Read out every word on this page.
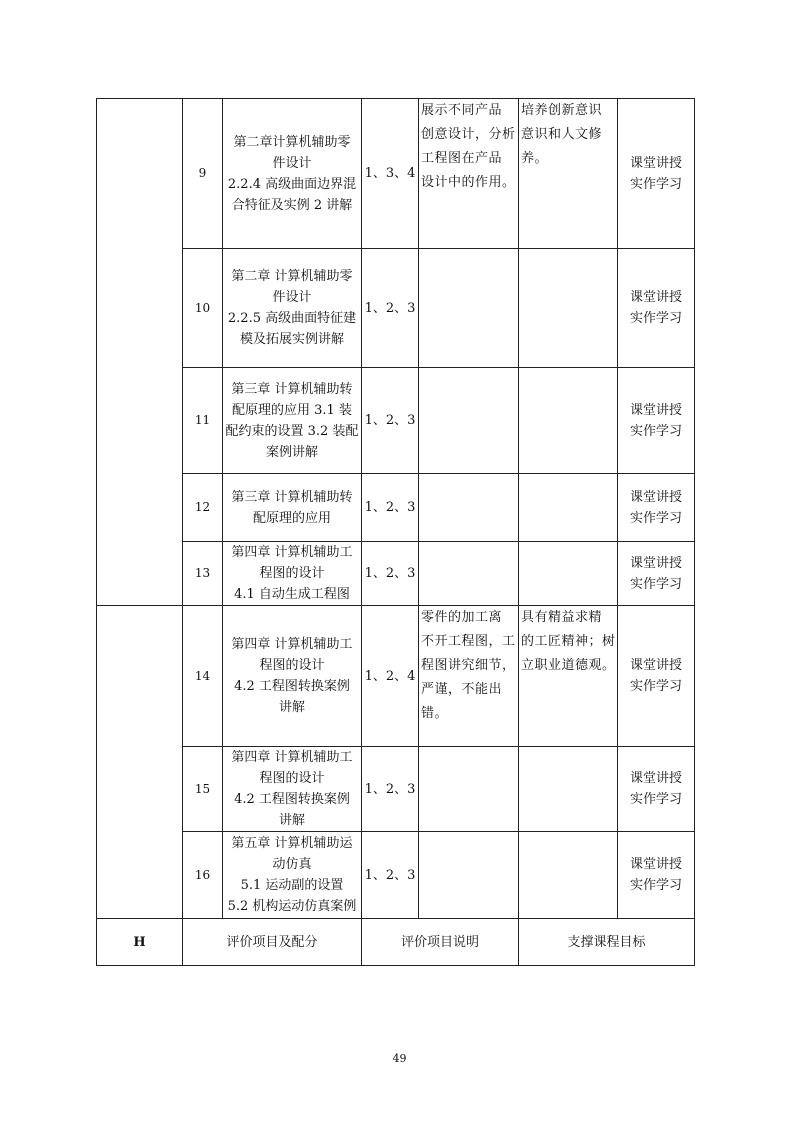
	9	第二章计算机辅助零
件设计
2.2.4 高级曲面边界混
合特征及实例 2 讲解	1、3、4	展示不同产品
创意设计，分析
工程图在产品
设计中的作用。	培养创新意识
意识和人文修
养。	课堂讲授
实作学习

	10	第二章 计算机辅助零
件设计
2.2.5 高级曲面特征建
模及拓展实例讲解	1、2、3			课堂讲授
实作学习

	11	第三章 计算机辅助转
配原理的应用 3.1 装
配约束的设置 3.2 装配
案例讲解	1、2、3			课堂讲授
实作学习

	12	第三章 计算机辅助转
配原理的应用	1、2、3			课堂讲授
实作学习

	13	第四章 计算机辅助工
程图的设计
4.1 自动生成工程图	1、2、3			课堂讲授
实作学习

	14	第四章 计算机辅助工
程图的设计
4.2 工程图转换案例
讲解	1、2、4	零件的加工离
不开工程图，工
程图讲究细节，
严谨，不能出
错。	具有精益求精
的工匠精神；树
立职业道德观。	课堂讲授
实作学习

	15	第四章 计算机辅助工
程图的设计
4.2 工程图转换案例
讲解	1、2、3			课堂讲授
实作学习

	16	第五章 计算机辅助运
动仿真
5.1 运动副的设置
5.2 机构运动仿真案例	1、2、3			课堂讲授
实作学习

H	评价项目及配分		评价项目说明		支撑课程目标	
49
